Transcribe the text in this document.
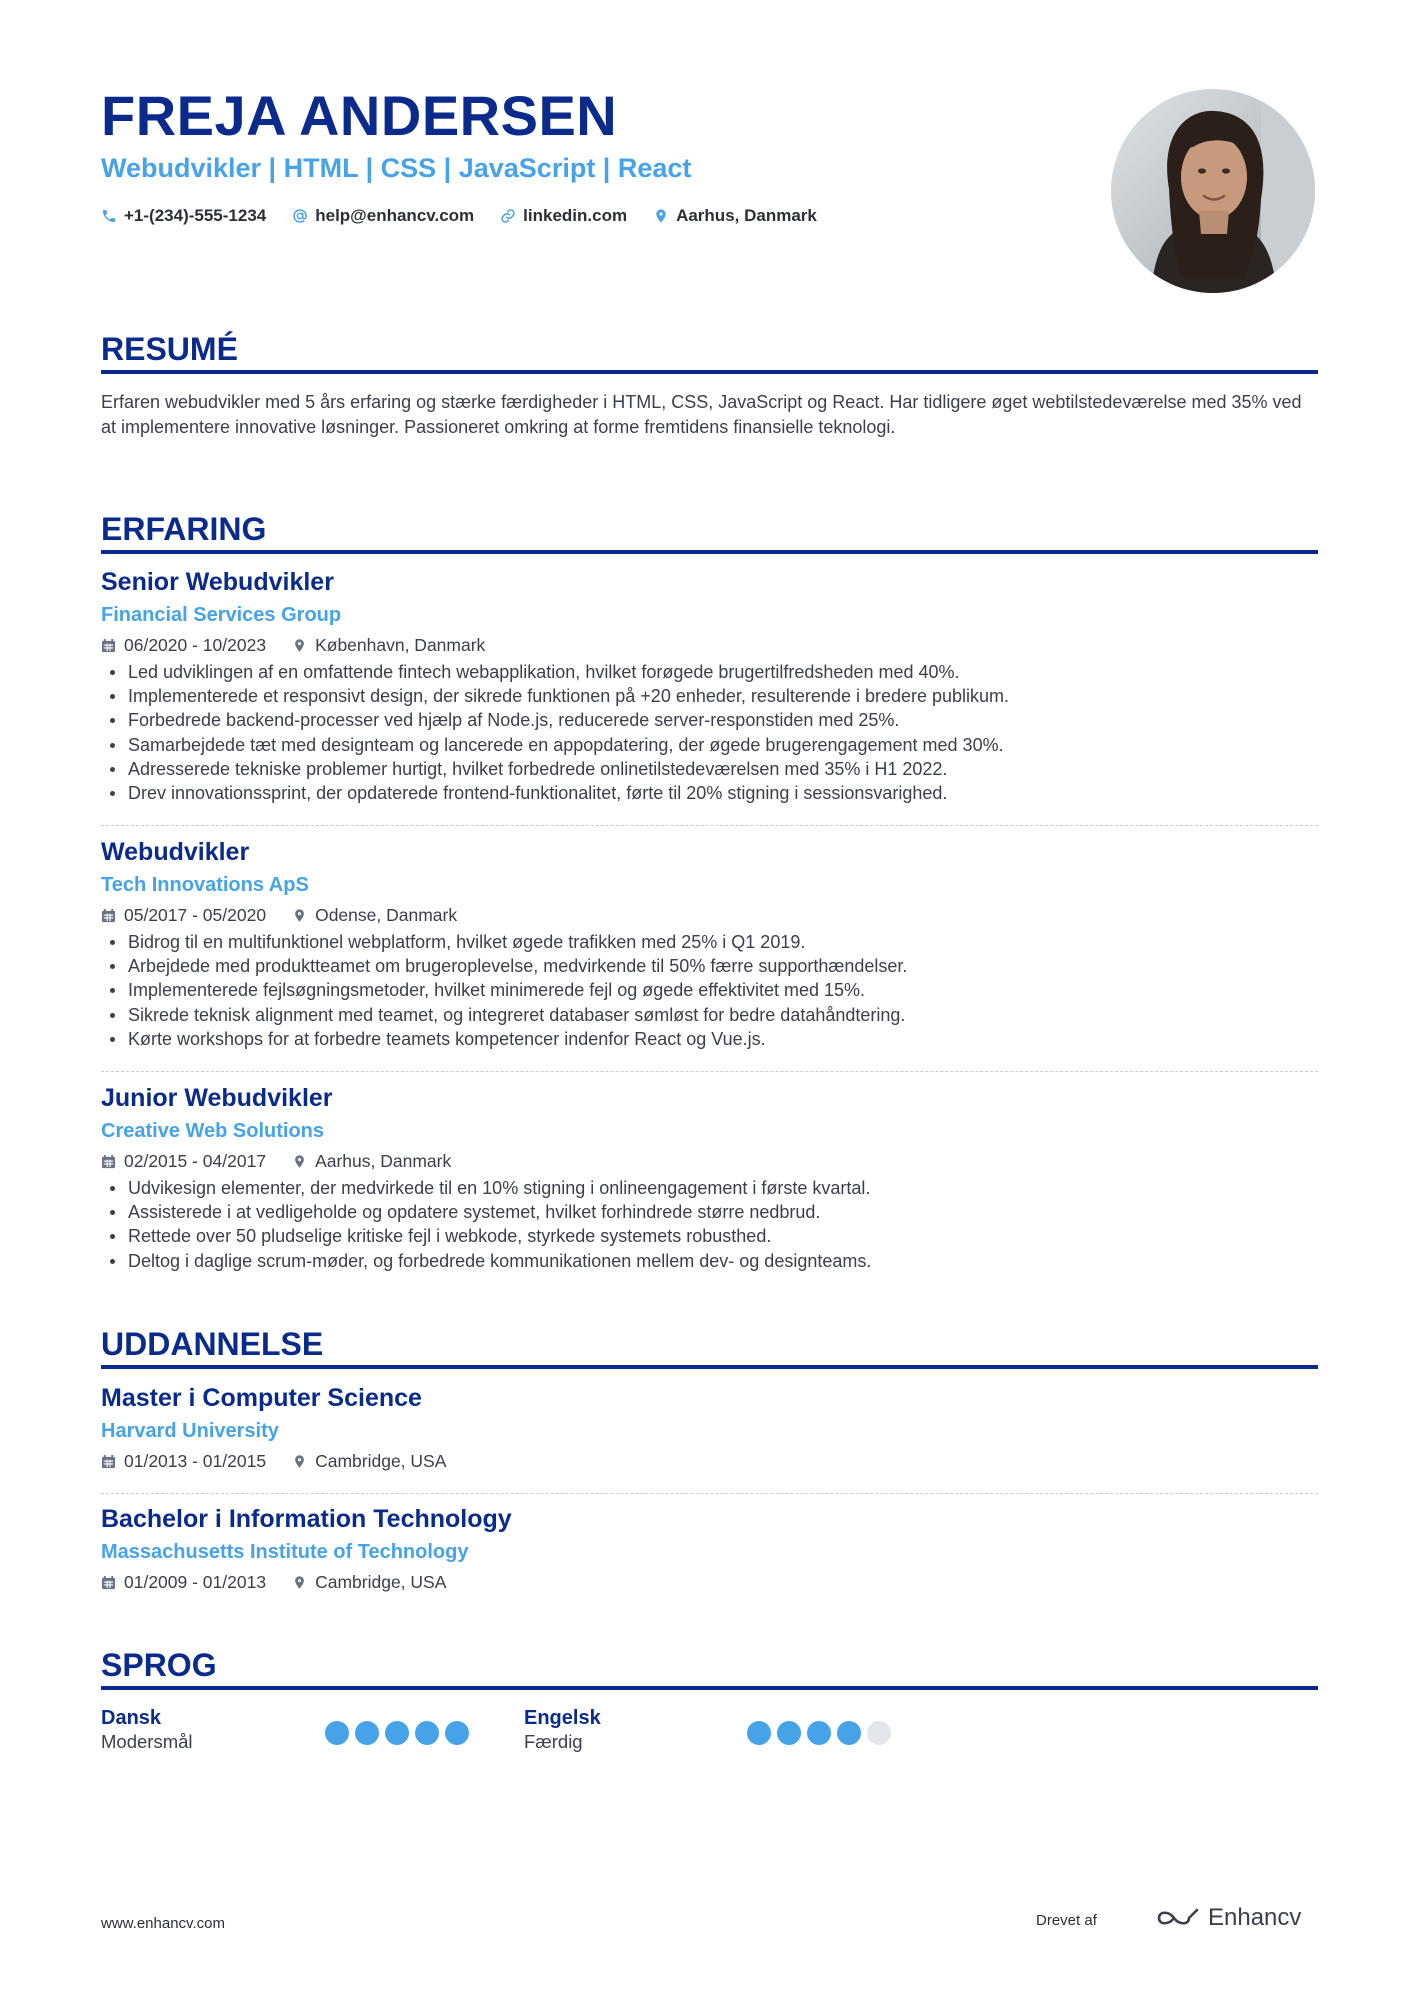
FREJA ANDERSEN
Webudvikler | HTML | CSS | JavaScript | React
+1-(234)-555-1234	help@enhancv.com	linkedin.com	Aarhus, Danmark
RESUMÉ

Erfaren webudvikler med 5 års erfaring og stærke færdigheder i HTML, CSS, JavaScript og React. Har tidligere øget webtilstedeværelse med 35% ved at implementere innovative løsninger. Passioneret omkring at forme fremtidens finansielle teknologi.

ERFARING
Senior Webudvikler
Financial Services Group
06/2020 - 10/2023	København, Danmark
Led udviklingen af en omfattende fintech webapplikation, hvilket forøgede brugertilfredsheden med 40%.
Implementerede et responsivt design, der sikrede funktionen på +20 enheder, resulterende i bredere publikum.
Forbedrede backend-processer ved hjælp af Node.js, reducerede server-responstiden med 25%.
Samarbejdede tæt med designteam og lancerede en appopdatering, der øgede brugerengagement med 30%.
Adresserede tekniske problemer hurtigt, hvilket forbedrede onlinetilstedeværelsen med 35% i H1 2022.
Drev innovationssprint, der opdaterede frontend-funktionalitet, førte til 20% stigning i sessionsvarighed.
Webudvikler
Tech Innovations ApS
05/2017 - 05/2020	Odense, Danmark
Bidrog til en multifunktionel webplatform, hvilket øgede trafikken med 25% i Q1 2019.
Arbejdede med produktteamet om brugeroplevelse, medvirkende til 50% færre supporthændelser.
Implementerede fejlsøgningsmetoder, hvilket minimerede fejl og øgede effektivitet med 15%.
Sikrede teknisk alignment med teamet, og integreret databaser sømløst for bedre datahåndtering.
Kørte workshops for at forbedre teamets kompetencer indenfor React og Vue.js.
Junior Webudvikler
Creative Web Solutions
02/2015 - 04/2017	Aarhus, Danmark
Udvikesign elementer, der medvirkede til en 10% stigning i onlineengagement i første kvartal.
Assisterede i at vedligeholde og opdatere systemet, hvilket forhindrede større nedbrud.
Rettede over 50 pludselige kritiske fejl i webkode, styrkede systemets robusthed.
Deltog i daglige scrum-møder, og forbedrede kommunikationen mellem dev- og designteams.
UDDANNELSE
Master i Computer Science
Harvard University
01/2013 - 01/2015	Cambridge, USA
Bachelor i Information Technology
Massachusetts Institute of Technology
01/2009 - 01/2013	Cambridge, USA
SPROG

Dansk

Modersmål

Engelsk

Færdig

www.enhancv.com	Drevet af	Enhancv
